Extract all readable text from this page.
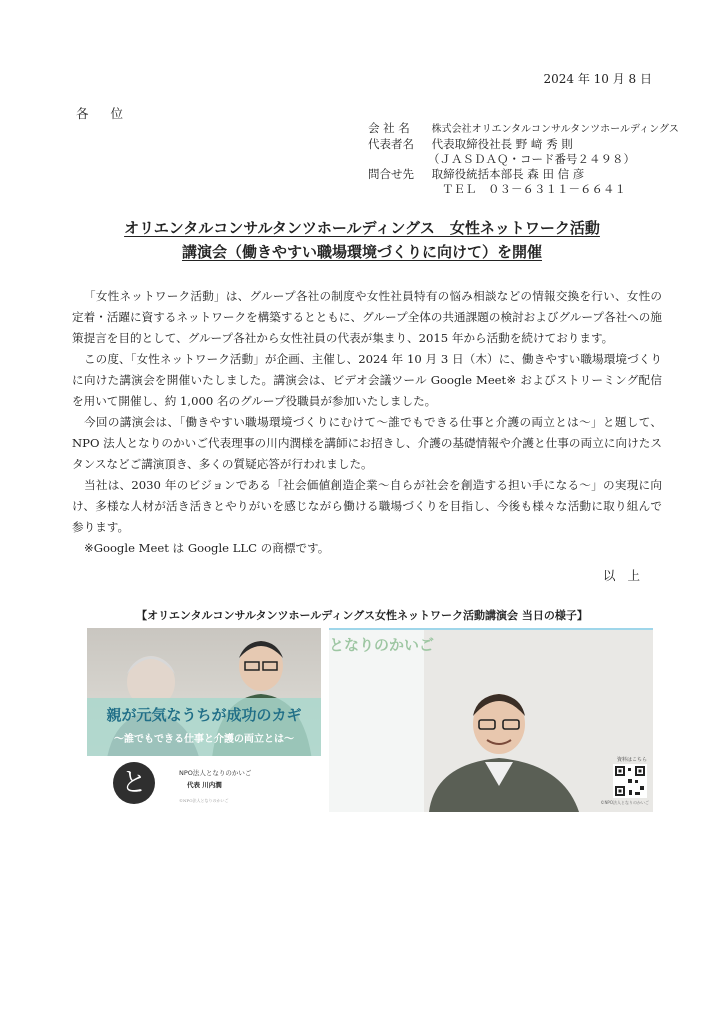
2024 年 10 月 8 日
各位
会 社 名 株式会社オリエンタルコンサルタンツホールディングス
代表者名 代表取締役社長 野 﨑 秀 則
（ＪＡＳＤＡＱ・コード番号２４９８）
問合せ先 取締役統括本部長 森 田 信 彦
ＴＥＬ　０３－６３１１－６６４１
オリエンタルコンサルタンツホールディングス　女性ネットワーク活動
講演会（働きやすい職場環境づくりに向けて）を開催

「女性ネットワーク活動」は、グループ各社の制度や女性社員特有の悩み相談などの情報交換を行い、女性の定着・活躍に資するネットワークを構築するとともに、グループ全体の共通課題の検討およびグループ各社への施策提言を目的として、グループ各社から女性社員の代表が集まり、2015 年から活動を続けております。

この度、「女性ネットワーク活動」が企画、主催し、2024 年 10 月 3 日（木）に、働きやすい職場環境づくりに向けた講演会を開催いたしました。講演会は、ビデオ会議ツール Google Meet※ およびストリーミング配信を用いて開催し、約 1,000 名のグループ役職員が参加いたしました。

今回の講演会は、「働きやすい職場環境づくりにむけて～誰でもできる仕事と介護の両立とは～」と題して、NPO 法人となりのかいご代表理事の川内潤様を講師にお招きし、介護の基礎情報や介護と仕事の両立に向けたスタンスなどご講演頂き、多くの質疑応答が行われました。

当社は、2030 年のビジョンである「社会価値創造企業～自らが社会を創造する担い手になる～」の実現に向け、多様な人材が活き活きとやりがいを感じながら働ける職場づくりを目指し、今後も様々な活動に取り組んで参ります。

※Google Meet は Google LLC の商標です。

以上
【オリエンタルコンサルタンツホールディングス女性ネットワーク活動講演会 当日の様子】
親が元気なうちが成功のカギ
～誰でもできる仕事と介護の両立とは～
と	NPO法人となりのかいご
代表 川内潤
©NPO法人となりのかいご
となりのかいご
資料はこちら
©NPO法人となりのかいご
